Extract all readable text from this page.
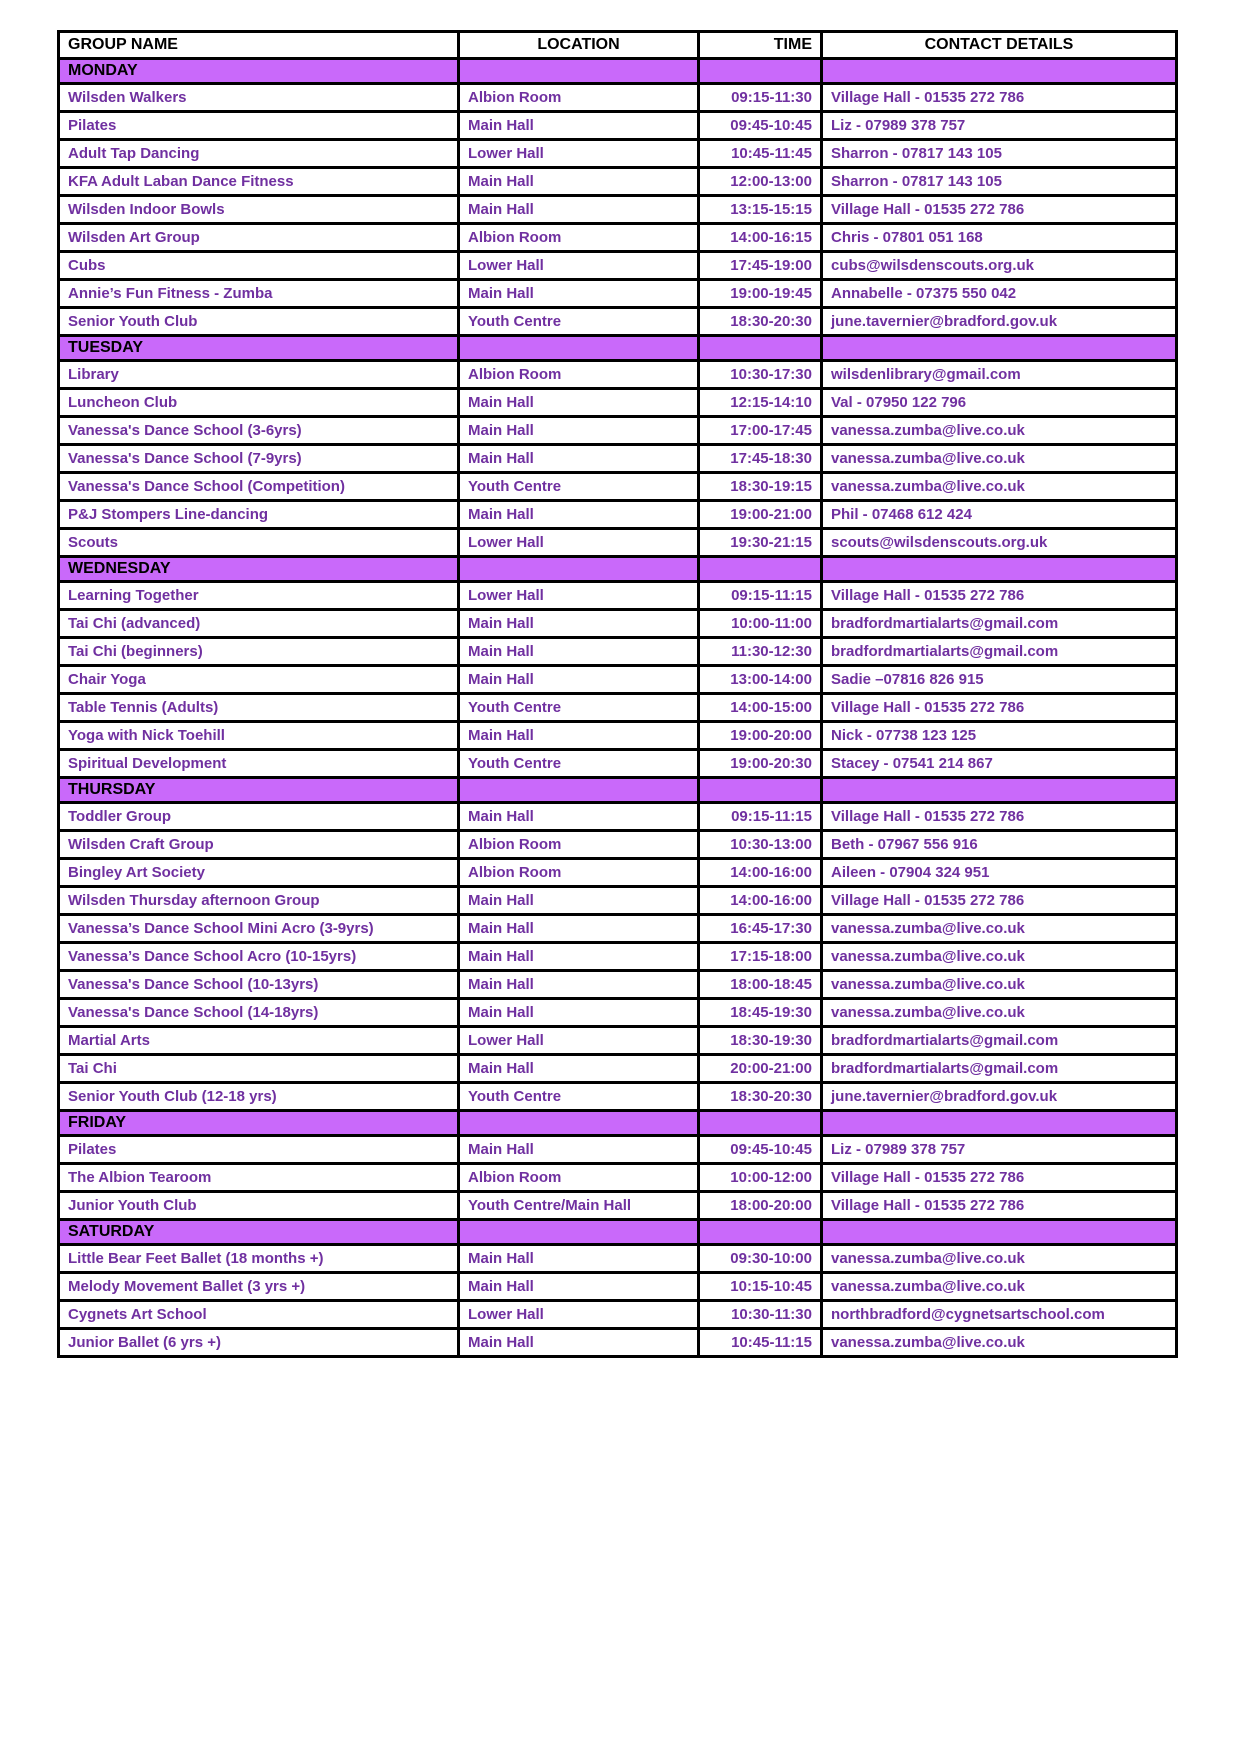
GROUP NAME	LOCATION	TIME	CONTACT DETAILS
MONDAY			
Wilsden Walkers	Albion Room	09:15-11:30	Village Hall - 01535 272 786
Pilates	Main Hall	09:45-10:45	Liz - 07989 378 757
Adult Tap Dancing	Lower Hall	10:45-11:45	Sharron - 07817 143 105
KFA Adult Laban Dance Fitness	Main Hall	12:00-13:00	Sharron - 07817 143 105
Wilsden Indoor Bowls	Main Hall	13:15-15:15	Village Hall - 01535 272 786
Wilsden Art Group	Albion Room	14:00-16:15	Chris - 07801 051 168
Cubs	Lower Hall	17:45-19:00	cubs@wilsdenscouts.org.uk
Annie’s Fun Fitness - Zumba	Main Hall	19:00-19:45	Annabelle - 07375 550 042
Senior Youth Club	Youth Centre	18:30-20:30	june.tavernier@bradford.gov.uk
TUESDAY			
Library	Albion Room	10:30-17:30	wilsdenlibrary@gmail.com
Luncheon Club	Main Hall	12:15-14:10	Val - 07950 122 796
Vanessa's Dance School (3-6yrs)	Main Hall	17:00-17:45	vanessa.zumba@live.co.uk
Vanessa's Dance School (7-9yrs)	Main Hall	17:45-18:30	vanessa.zumba@live.co.uk
Vanessa's Dance School (Competition)	Youth Centre	18:30-19:15	vanessa.zumba@live.co.uk
P&J Stompers Line-dancing	Main Hall	19:00-21:00	Phil - 07468 612 424
Scouts	Lower Hall	19:30-21:15	scouts@wilsdenscouts.org.uk
WEDNESDAY			
Learning Together	Lower Hall	09:15-11:15	Village Hall - 01535 272 786
Tai Chi (advanced)	Main Hall	10:00-11:00	bradfordmartialarts@gmail.com
Tai Chi (beginners)	Main Hall	11:30-12:30	bradfordmartialarts@gmail.com
Chair Yoga	Main Hall	13:00-14:00	Sadie –07816 826 915
Table Tennis (Adults)	Youth Centre	14:00-15:00	Village Hall - 01535 272 786
Yoga with Nick Toehill	Main Hall	19:00-20:00	Nick - 07738 123 125
Spiritual Development	Youth Centre	19:00-20:30	Stacey - 07541 214 867
THURSDAY			
Toddler Group	Main Hall	09:15-11:15	Village Hall - 01535 272 786
Wilsden Craft Group	Albion Room	10:30-13:00	Beth - 07967 556 916
Bingley Art Society	Albion Room	14:00-16:00	Aileen - 07904 324 951
Wilsden Thursday afternoon Group	Main Hall	14:00-16:00	Village Hall - 01535 272 786
Vanessa’s Dance School Mini Acro (3-9yrs)	Main Hall	16:45-17:30	vanessa.zumba@live.co.uk
Vanessa’s Dance School Acro (10-15yrs)	Main Hall	17:15-18:00	vanessa.zumba@live.co.uk
Vanessa's Dance School (10-13yrs)	Main Hall	18:00-18:45	vanessa.zumba@live.co.uk
Vanessa's Dance School (14-18yrs)	Main Hall	18:45-19:30	vanessa.zumba@live.co.uk
Martial Arts	Lower Hall	18:30-19:30	bradfordmartialarts@gmail.com
Tai Chi	Main Hall	20:00-21:00	bradfordmartialarts@gmail.com
Senior Youth Club (12-18 yrs)	Youth Centre	18:30-20:30	june.tavernier@bradford.gov.uk
FRIDAY			
Pilates	Main Hall	09:45-10:45	Liz - 07989 378 757
The Albion Tearoom	Albion Room	10:00-12:00	Village Hall - 01535 272 786
Junior Youth Club	Youth Centre/Main Hall	18:00-20:00	Village Hall - 01535 272 786
SATURDAY			
Little Bear Feet Ballet (18 months +)	Main Hall	09:30-10:00	vanessa.zumba@live.co.uk
Melody Movement Ballet (3 yrs +)	Main Hall	10:15-10:45	vanessa.zumba@live.co.uk
Cygnets Art School	Lower Hall	10:30-11:30	northbradford@cygnetsartschool.com
Junior Ballet (6 yrs +)	Main Hall	10:45-11:15	vanessa.zumba@live.co.uk
